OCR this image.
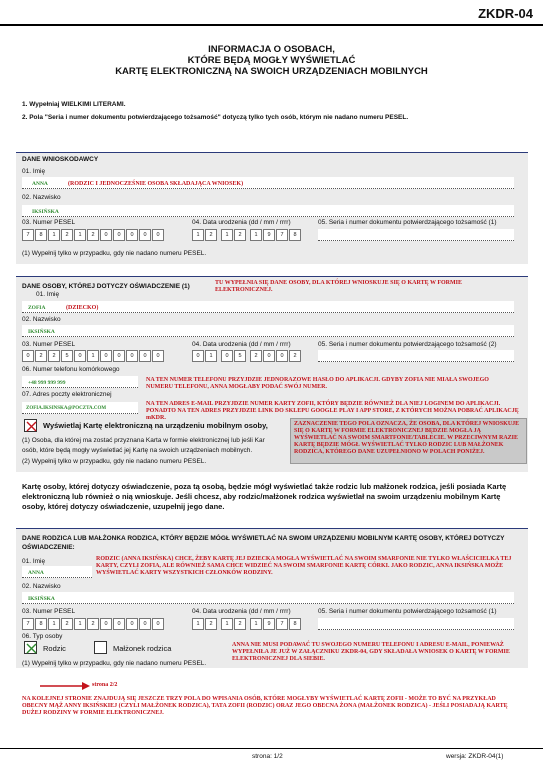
ZKDR-04
INFORMACJA O OSOBACH,
KTÓRE BĘDĄ MOGŁY WYŚWIETLAĆ
KARTĘ ELEKTRONICZNĄ NA SWOICH URZĄDZENIACH MOBILNYCH
1. Wypełniaj WIELKIMI LITERAMI.
2. Pola "Seria i numer dokumentu potwierdzającego tożsamość" dotyczą tylko tych osób, którym nie nadano numeru PESEL.
DANE WNIOSKODAWCY
01. Imię
ANNA	(RODZIC I JEDNOCZEŚNIE OSOBA SKŁADAJĄCA WNIOSEK)
02. Nazwisko
IKSIŃSKA
03. Numer PESEL
7	8	1	2	1	2	0	0	0	0	0
04. Data urodzenia (dd / mm / rrrr)
1	2	1	2	1	9	7	8
05. Seria i numer dokumentu potwierdzającego tożsamość (1)
(1) Wypełnij tylko w przypadku, gdy nie nadano numeru PESEL.
DANE OSOBY, KTÓREJ DOTYCZY OŚWIADCZENIE (1)	TU WYPEŁNIA SIĘ DANE OSOBY, DLA KTÓREJ WNIOSKUJE SIĘ O KARTĘ W FORMIE ELEKTRONICZNEJ.
01. Imię
ZOFIA	(DZIECKO)
02. Nazwisko
IKSIŃSKA
03. Numer PESEL
0	2	2	5	0	1	0	0	0	0	0
04. Data urodzenia (dd / mm / rrrr)
0	1	0	5	2	0	0	2
05. Seria i numer dokumentu potwierdzającego tożsamość (2)
06. Numer telefonu komórkowego
+48 999 999 999	NA TEN NUMER TELEFONU PRZYJDZIE JEDNORAZOWE HASŁO DO APLIKACJI. GDYBY ZOFIA NIE MIAŁA SWOJEGO NUMERU TELEFONU, ANNA MOGŁABY PODAĆ SWÓJ NUMER.
07. Adres poczty elektronicznej
ZOFIA.IKSINSKA@POCZTA.COM
NA TEN ADRES E-MAIL PRZYJDZIE NUMER KARTY ZOFII, KTÓRY BĘDZIE RÓWNIEŻ DLA NIEJ LOGINEM DO APLIKACJI. PONADTO NA TEN ADRES PRZYJDZIE LINK DO SKLEPU GOOGLE PLAY I APP STORE, Z KTÓRYCH MOŻNA POBRAĆ APLIKACJĘ mKDR.
Wyświetlaj Kartę elektroniczną na urządzeniu mobilnym osoby,	ZAZNACZENIE TEGO POLA OZNACZA, ŻE OSOBA, DLA KTÓREJ WNIOSKUJE SIĘ O KARTĘ W FORMIE ELEKTRONICZNEJ BĘDZIE MOGŁA JĄ WYŚWIETLAĆ NA SWOIM SMARTFONIE/TABLECIE. W PRZECIWNYM RAZIE KARTĘ BĘDZIE MÓGŁ WYŚWIETLAĆ TYLKO RODZIC LUB MAŁŻONEK RODZICA, KTÓREGO DANE UZUPEŁNIONO W POLACH PONIŻEJ.
(1) Osoba, dla której ma zostać przyznana Karta w formie elektronicznej lub jeśli Kar
osób, które będą mogły wyświetlać jej Kartę na swoich urządzeniach mobilnych.
(2) Wypełnij tylko w przypadku, gdy nie nadano numeru PESEL.
Kartę osoby, której dotyczy oświadczenie, poza tą osobą, będzie mógł wyświetlać także rodzic lub małżonek rodzica, jeśli posiada Kartę elektroniczną lub również o nią wnioskuje. Jeśli chcesz, aby rodzic/małżonek rodzica wyświetlał na swoim urządzeniu mobilnym Kartę osoby, której dotyczy oświadczenie, uzupełnij jego dane.
DANE RODZICA LUB MAŁŻONKA RODZICA, KTÓRY BĘDZIE MÓGŁ WYŚWIETLAĆ NA SWOIM URZĄDZENIU MOBILNYM KARTĘ OSOBY, KTÓREJ DOTYCZY OŚWIADCZENIE:
01. Imię	RODZIC (ANNA IKSIŃSKA) CHCE, ŻEBY KARTĘ JEJ DZIECKA MOGŁA WYŚWIETLAĆ NA SWOIM SMARFONIE NIE TYLKO WŁAŚCICIELKA TEJ KARTY, CZYLI ZOFIA, ALE RÓWNIEŻ SAMA CHCE WIDZIEĆ NA SWOIM SMARFONIE KARTĘ CÓRKI. JAKO RODZIC, ANNA IKSIŃSKA MOŻE WYŚWIETLAĆ KARTY WSZYSTKICH CZŁONKÓW RODZINY.
ANNA
02. Nazwisko
IKSIŃSKA
03. Numer PESEL
7	8	1	2	1	2	0	0	0	0	0
04. Data urodzenia (dd / mm / rrrr)
1	2	1	2	1	9	7	8
05. Seria i numer dokumentu potwierdzającego tożsamość (1)
06. Typ osoby
Rodzic	Małżonek rodzica	ANNA NIE MUSI PODAWAĆ TU SWOJEGO NUMERU TELEFONU I ADRESU E-MAIL, PONIEWAŻ WYPEŁNIŁA JE JUŻ W ZAŁĄCZNIKU ZKDR-04, GDY SKŁADAŁA WNIOSEK O KARTĘ W FORMIE ELEKTRONICZNEJ DLA SIEBIE.
(1) Wypełnij tylko w przypadku, gdy nie nadano numeru PESEL.
strona 2/2
NA KOLEJNEJ STRONIE ZNAJDUJĄ SIĘ JESZCZE TRZY POLA DO WPISANIA OSÓB, KTÓRE MOGŁYBY WYŚWIETLAĆ KARTĘ ZOFII - MOŻE TO BYĆ NA PRZYKŁAD OBECNY MĄŻ ANNY IKSIŃSKIEJ (CZYLI MAŁŻONEK RODZICA), TATA ZOFII (RODZIC) ORAZ JEGO OBECNA ŻONA (MAŁŻONEK RODZICA) - JEŚLI POSIADAJĄ KARTĘ DUŻEJ RODZINY W FORMIE ELEKTRONICZNEJ.
strona: 1/2	wersja: ZKDR-04(1)
